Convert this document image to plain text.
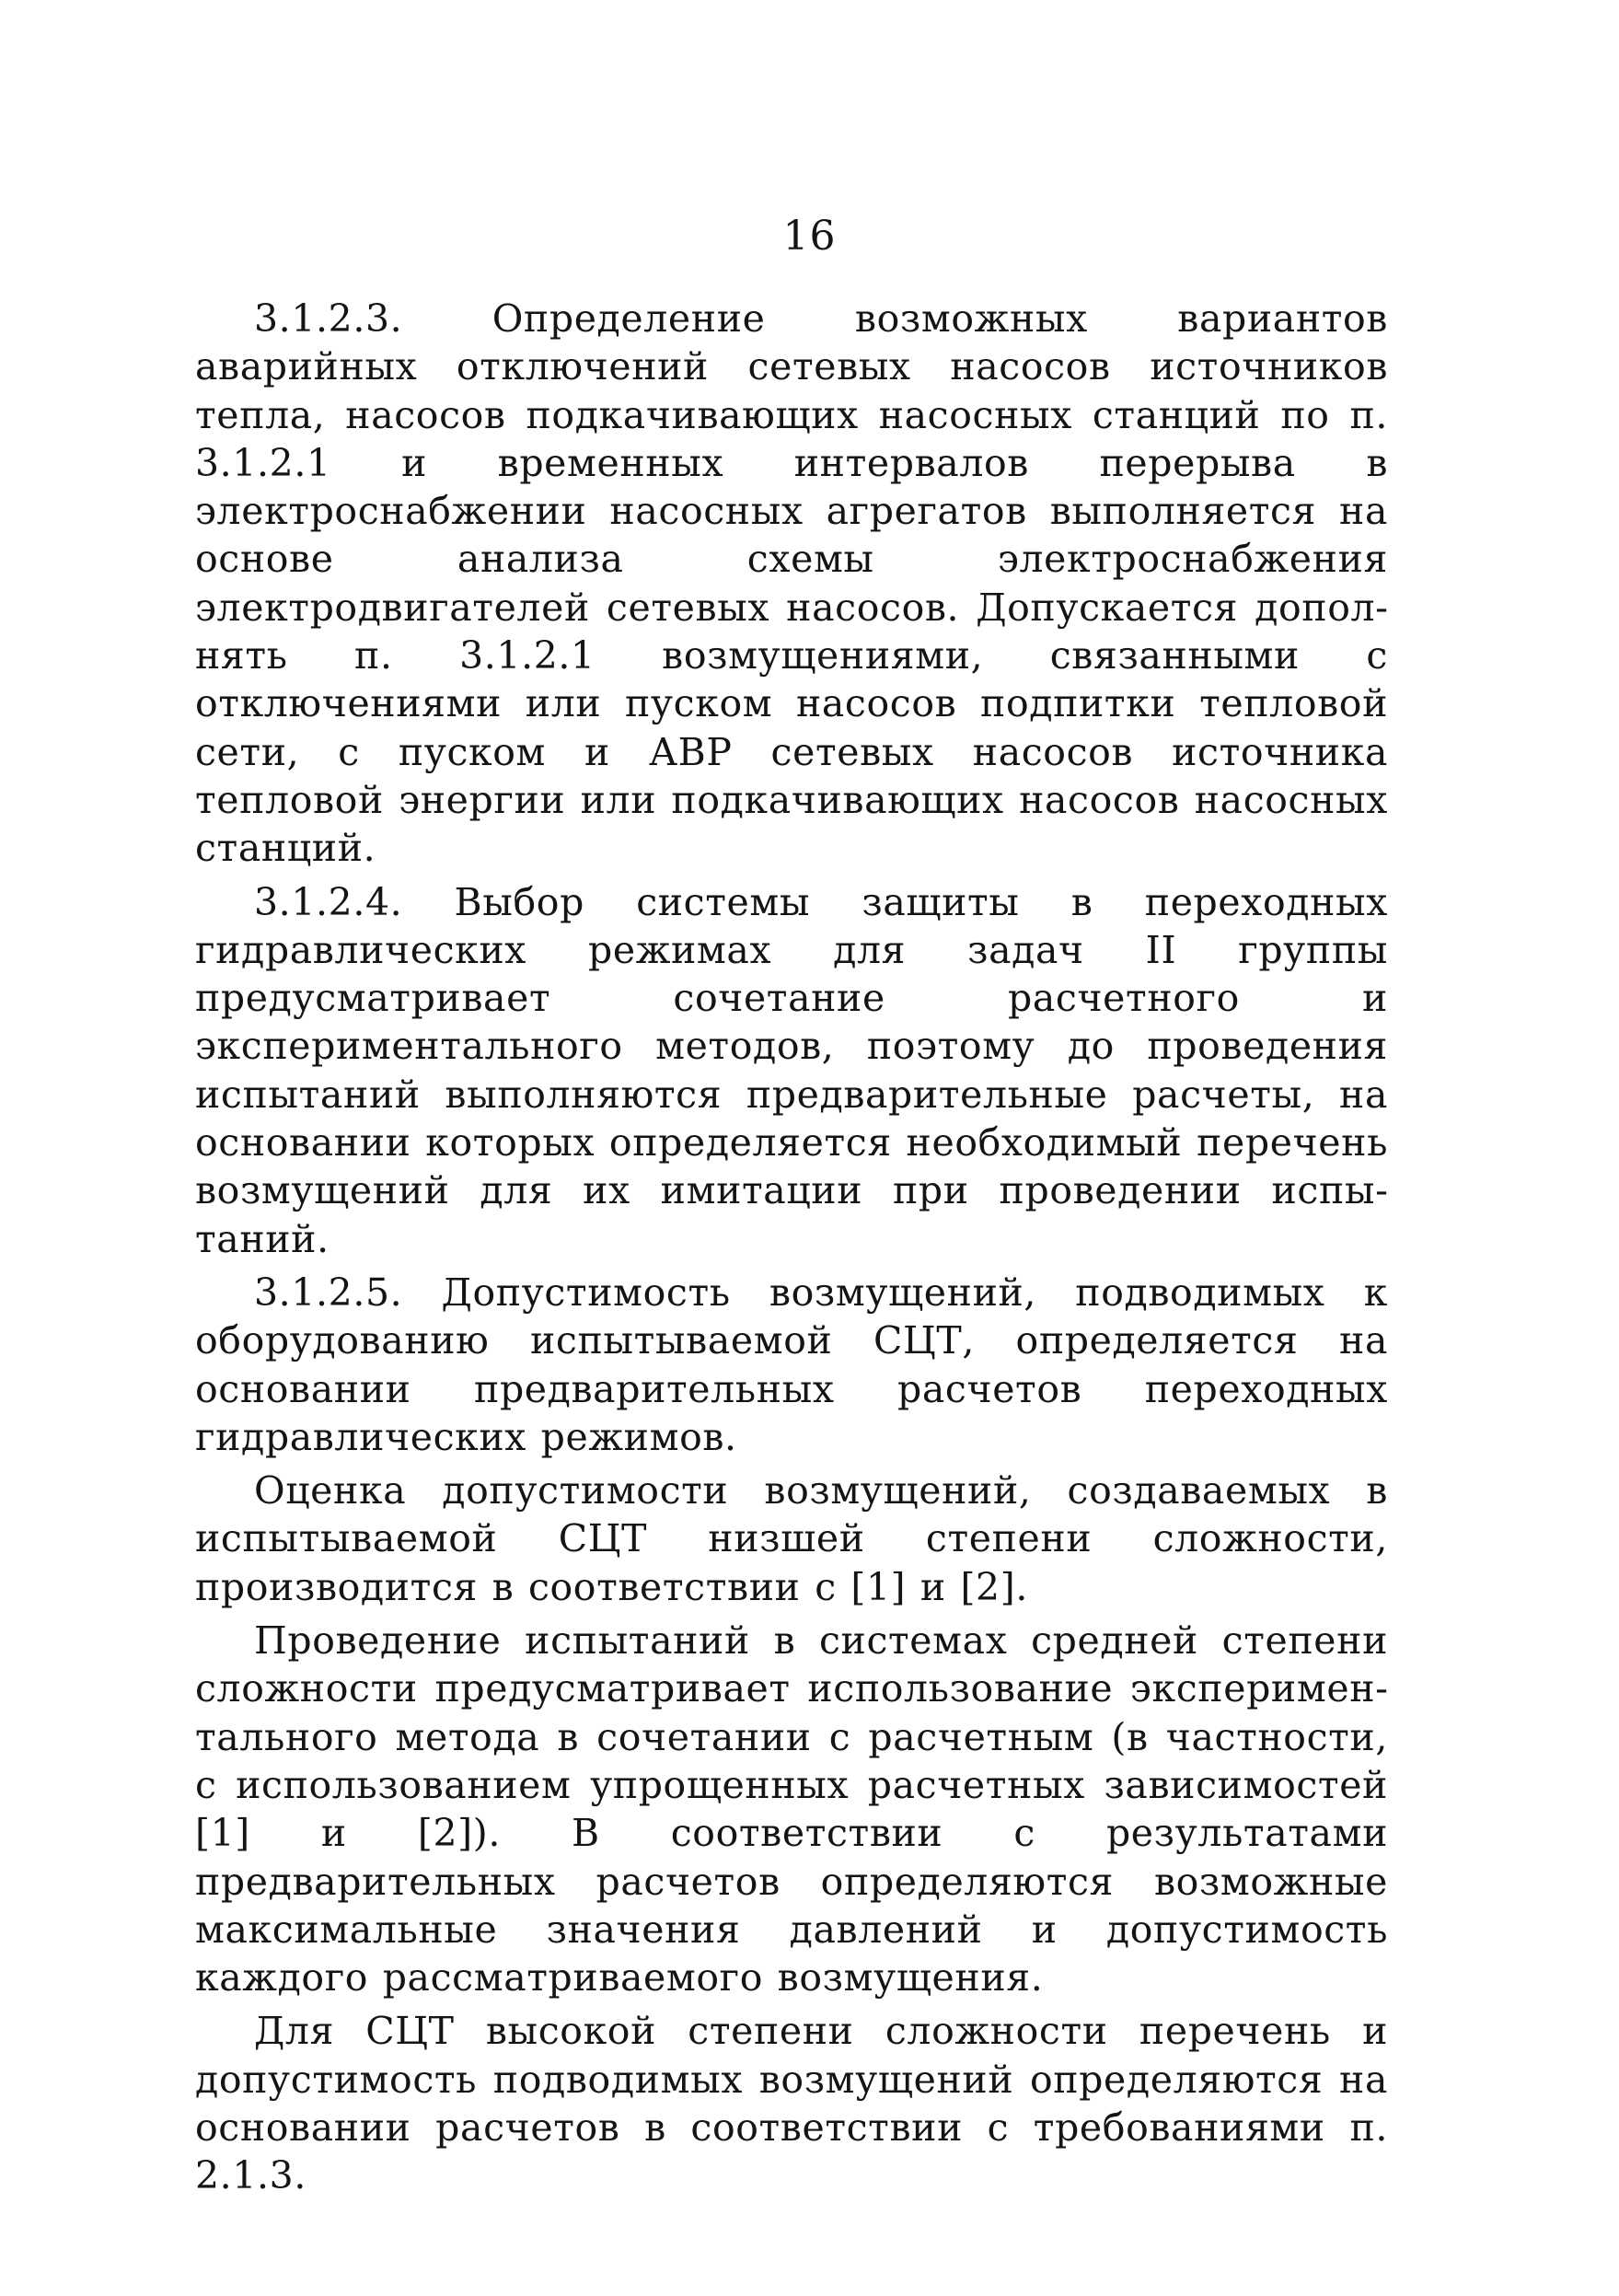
16

3.1.2.3. Определение возможных вариантов аварийных отключений сетевых насосов источников тепла, насосов подкачивающих насосных станций по п. 3.1.2.1 и временных интервалов перерыва в электроснабжении насосных агрегатов выполняется на основе анализа схемы электроснабжения электродвигателей сетевых насосов. Допускается дополнять п. 3.1.2.1 возмущениями, связанными с отключениями или пуском насосов подпитки тепловой сети, с пуском и АВР сетевых насосов источника тепловой энергии или подкачивающих насосов насосных станций.

3.1.2.4. Выбор системы защиты в переходных гидравлических режимах для задач II группы предусматривает сочетание расчетного и экспериментального методов, поэтому до проведения испытаний выполняются предварительные расчеты, на основании которых определяется необходимый перечень возмущений для их имитации при проведении испытаний.

3.1.2.5. Допустимость возмущений, подводимых к оборудованию испытываемой СЦТ, определяется на основании предварительных расчетов переходных гидравлических режимов.

Оценка допустимости возмущений, создаваемых в испытываемой СЦТ низшей степени сложности, производится в соответствии с [1] и [2].

Проведение испытаний в системах средней степени сложности предусматривает использование экспериментального метода в сочетании с расчетным (в частности, с использованием упрощенных расчетных зависимостей [1] и [2]). В соответствии с результатами предварительных расчетов определяются возможные максимальные значения давлений и допустимость каждого рассматриваемого возмущения.

Для СЦТ высокой степени сложности перечень и допустимость подводимых возмущений определяются на основании расчетов в соответствии с требованиями п. 2.1.3.
